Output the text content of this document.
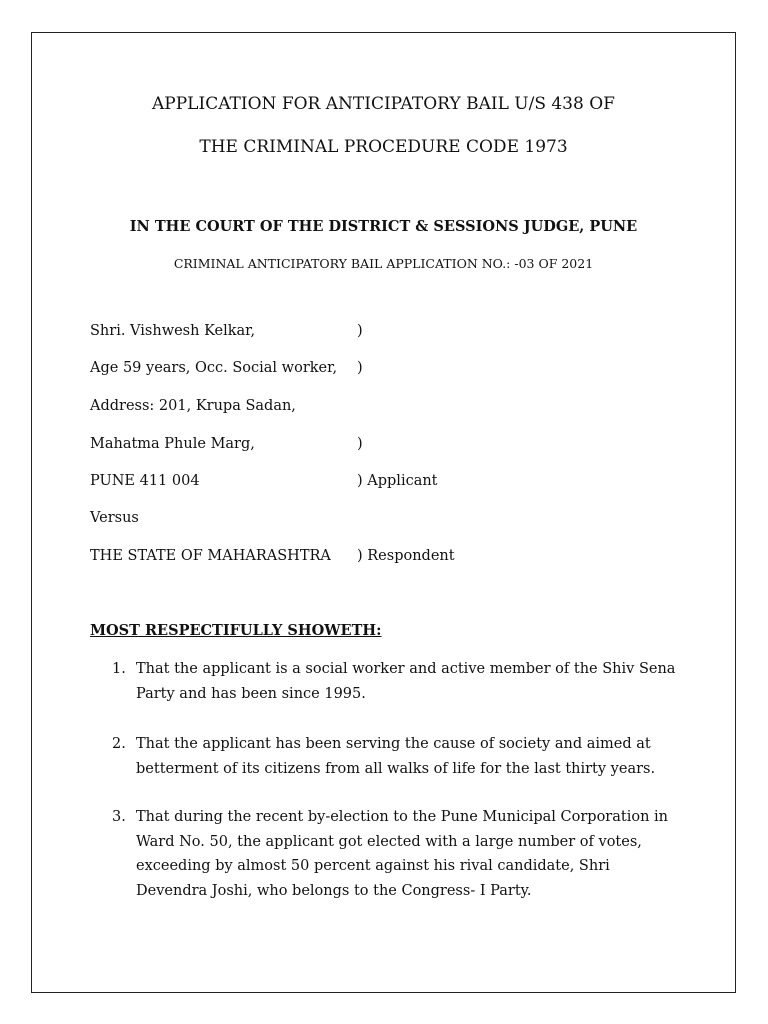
APPLICATION FOR ANTICIPATORY BAIL U/S 438 OF
THE CRIMINAL PROCEDURE CODE 1973
IN THE COURT OF THE DISTRICT & SESSIONS JUDGE, PUNE
CRIMINAL ANTICIPATORY BAIL APPLICATION NO.: -03 OF 2021
Shri. Vishwesh Kelkar,	)
Age 59 years, Occ. Social worker, )
Address: 201, Krupa Sadan,
Mahatma Phule Marg,	)
PUNE 411 004	) Applicant
Versus
THE STATE OF MAHARASHTRA ) Respondent
MOST RESPECTIFULLY SHOWETH:
1. That the applicant is a social worker and active member of the Shiv Sena
Party and has been since 1995.
2. That the applicant has been serving the cause of society and aimed at
betterment of its citizens from all walks of life for the last thirty years.
3. That during the recent by-election to the Pune Municipal Corporation in
Ward No. 50, the applicant got elected with a large number of votes,
exceeding by almost 50 percent against his rival candidate, Shri
Devendra Joshi, who belongs to the Congress- I Party.
